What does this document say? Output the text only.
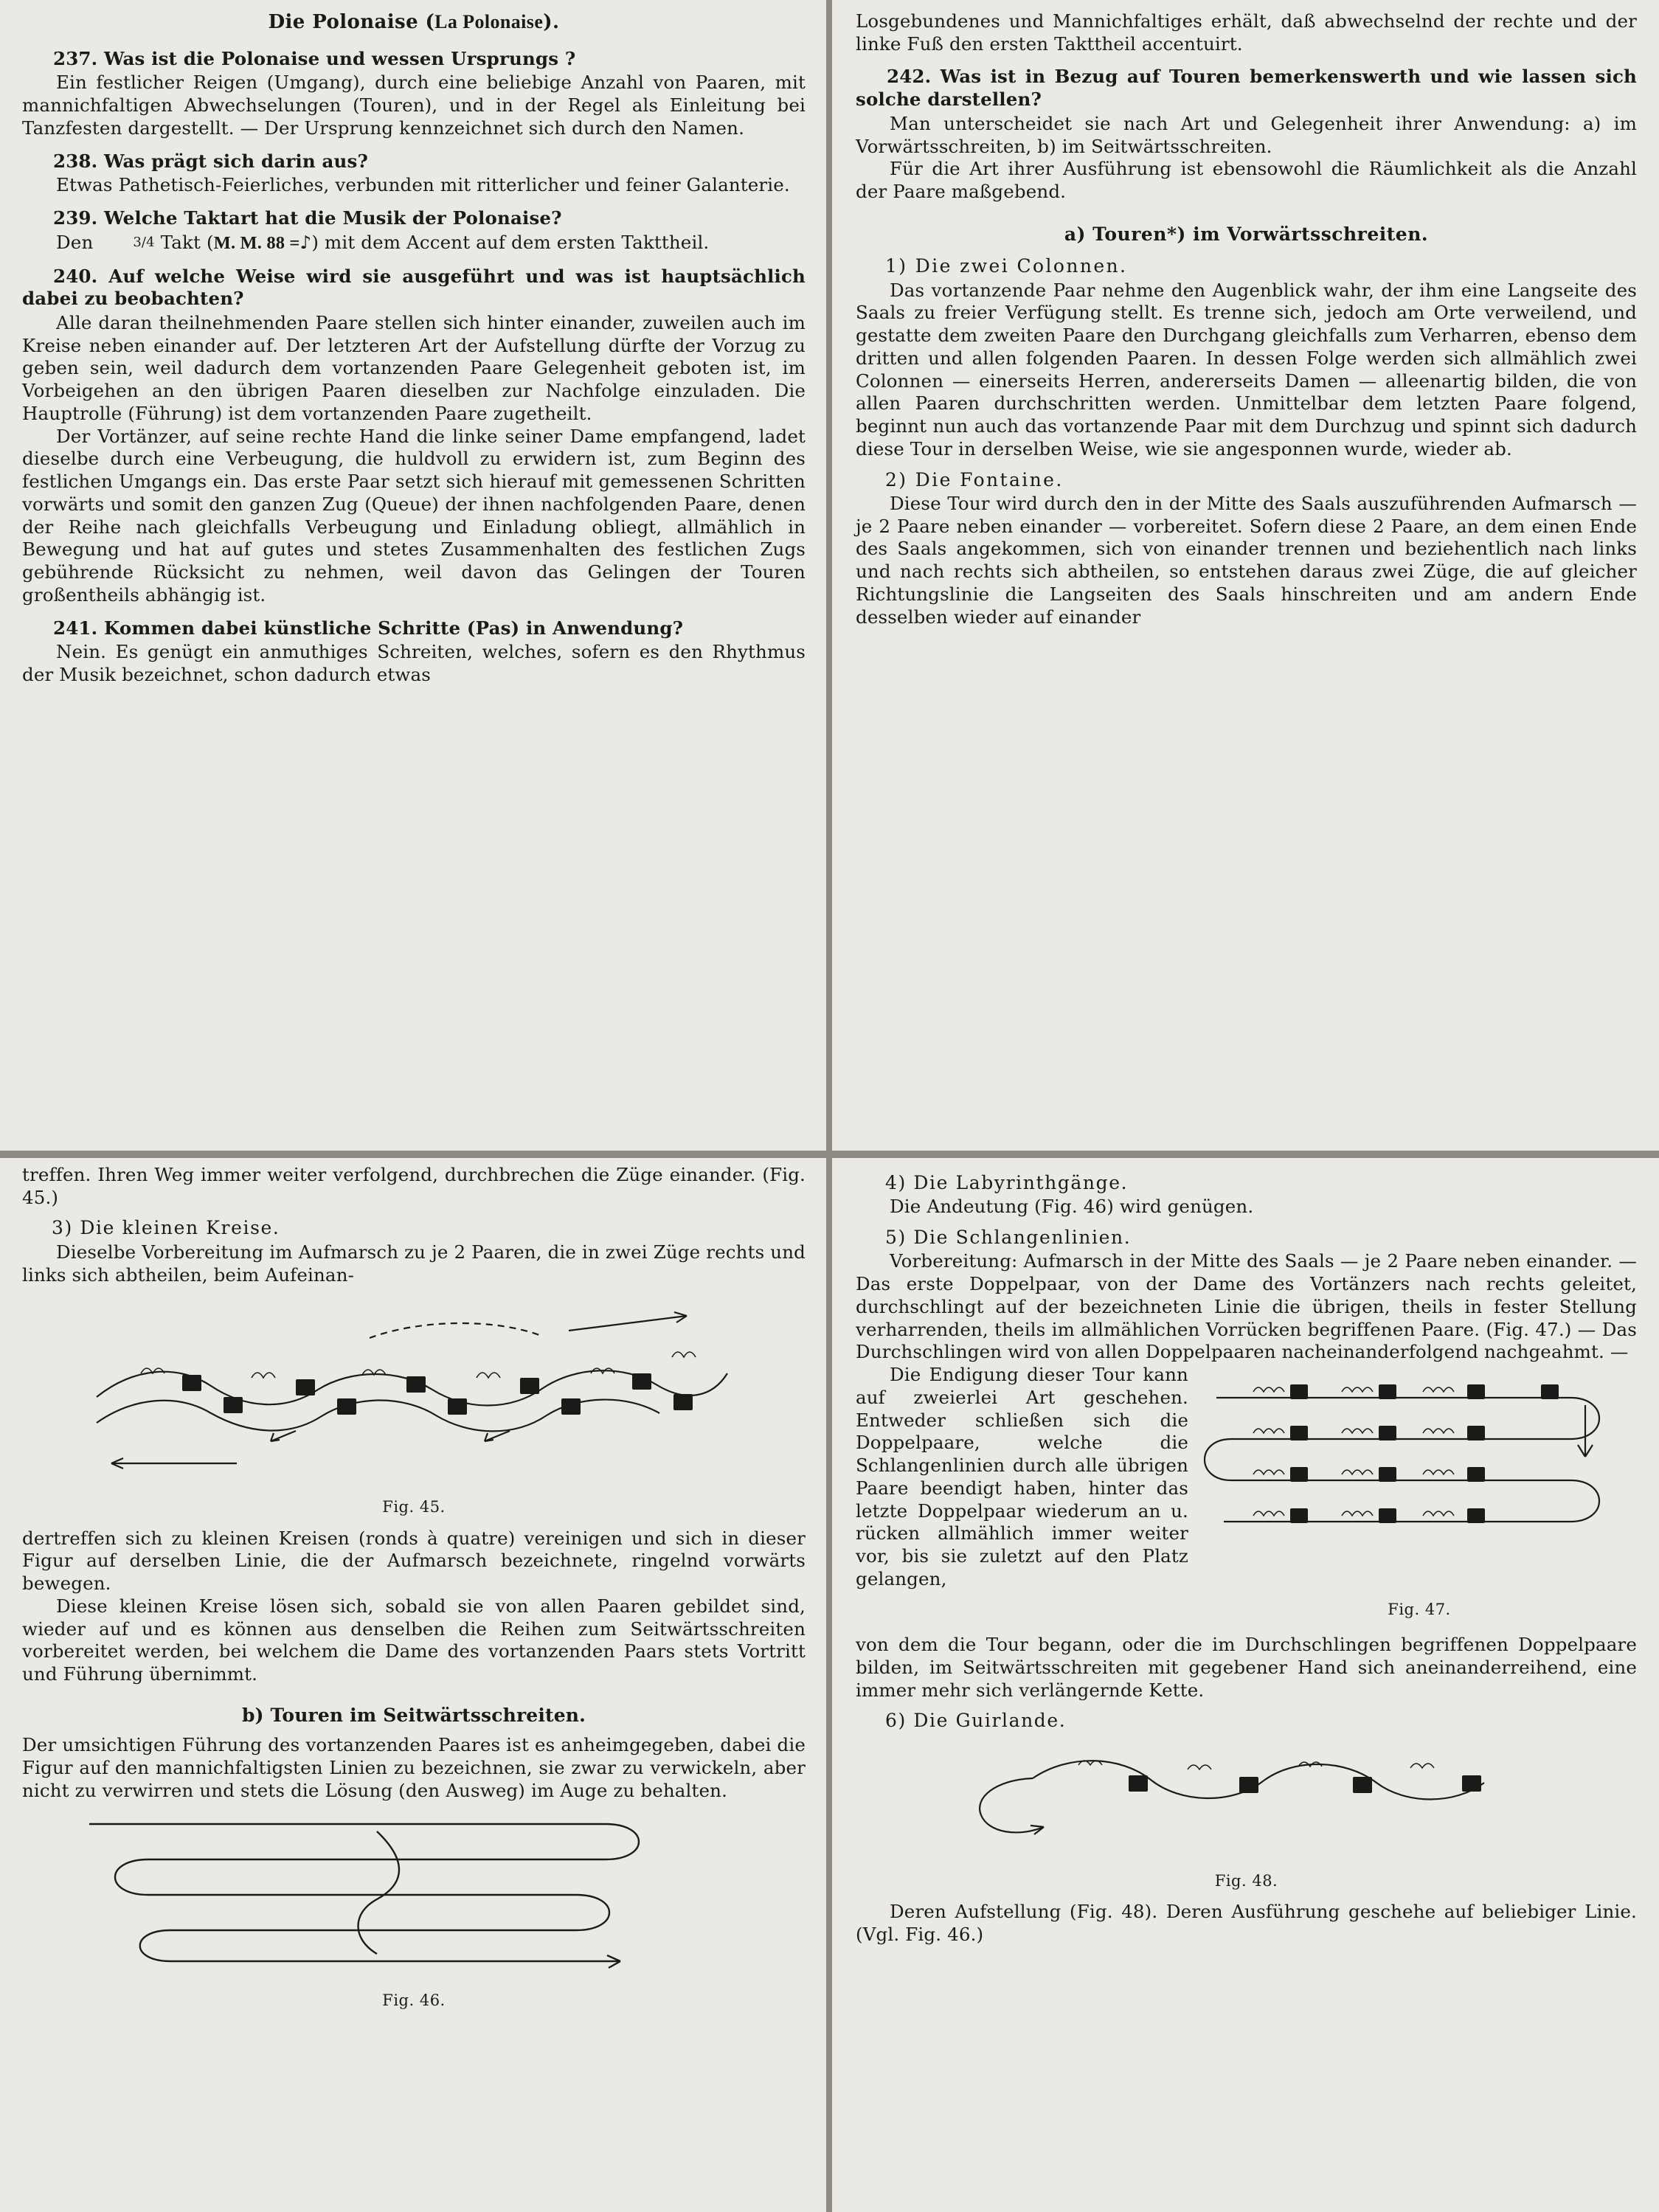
Die Polonaise (La Polonaise).
237. Was ist die Polonaise und wessen Ursprungs ?

Ein festlicher Reigen (Umgang), durch eine beliebige Anzahl von Paaren, mit mannichfaltigen Abwechselungen (Touren), und in der Regel als Einleitung bei Tanzfesten dargestellt. — Der Ursprung kennzeichnet sich durch den Namen.

238. Was prägt sich darin aus?

Etwas Pathetisch-Feierliches, verbunden mit ritterlicher und feiner Galanterie.

239. Welche Taktart hat die Musik der Polonaise?

Den	3/4 Takt (M. M. 88 =♪) mit dem Accent auf dem ersten Takttheil.

240. Auf welche Weise wird sie ausgeführt und was ist hauptsächlich dabei zu beobachten?

Alle daran theilnehmenden Paare stellen sich hinter einander, zuweilen auch im Kreise neben einander auf. Der letzteren Art der Aufstellung dürfte der Vorzug zu geben sein, weil dadurch dem vortanzenden Paare Gelegenheit geboten ist, im Vorbeigehen an den übrigen Paaren dieselben zur Nachfolge einzuladen. Die Hauptrolle (Führung) ist dem vortanzenden Paare zugetheilt.

Der Vortänzer, auf seine rechte Hand die linke seiner Dame empfangend, ladet dieselbe durch eine Verbeugung, die huldvoll zu erwidern ist, zum Beginn des festlichen Umgangs ein. Das erste Paar setzt sich hierauf mit gemessenen Schritten vorwärts und somit den ganzen Zug (Queue) der ihnen nachfolgenden Paare, denen der Reihe nach gleichfalls Verbeugung und Einladung obliegt, allmählich in Bewegung und hat auf gutes und stetes Zusammenhalten des festlichen Zugs gebührende Rücksicht zu nehmen, weil davon das Gelingen der Touren großentheils abhängig ist.

241. Kommen dabei künstliche Schritte (Pas) in Anwendung?

Nein. Es genügt ein anmuthiges Schreiten, welches, sofern es den Rhythmus der Musik bezeichnet, schon dadurch etwas

Losgebundenes und Mannichfaltiges erhält, daß abwechselnd der rechte und der linke Fuß den ersten Takttheil accentuirt.

242. Was ist in Bezug auf Touren bemerkenswerth und wie lassen sich solche darstellen?

Man unterscheidet sie nach Art und Gelegenheit ihrer Anwendung: a) im Vorwärtsschreiten, b) im Seitwärtsschreiten.

Für die Art ihrer Ausführung ist ebensowohl die Räumlichkeit als die Anzahl der Paare maßgebend.

a) Touren*) im Vorwärtsschreiten.
1) Die zwei Colonnen.

Das vortanzende Paar nehme den Augenblick wahr, der ihm eine Langseite des Saals zu freier Verfügung stellt. Es trenne sich, jedoch am Orte verweilend, und gestatte dem zweiten Paare den Durchgang gleichfalls zum Verharren, ebenso dem dritten und allen folgenden Paaren. In dessen Folge werden sich allmählich zwei Colonnen — einerseits Herren, andererseits Damen — alleenartig bilden, die von allen Paaren durchschritten werden. Unmittelbar dem letzten Paare folgend, beginnt nun auch das vortanzende Paar mit dem Durchzug und spinnt sich dadurch diese Tour in derselben Weise, wie sie angesponnen wurde, wieder ab.

2) Die Fontaine.

Diese Tour wird durch den in der Mitte des Saals auszuführenden Aufmarsch — je 2 Paare neben einander — vorbereitet. Sofern diese 2 Paare, an dem einen Ende des Saals angekommen, sich von einander trennen und beziehentlich nach links und nach rechts sich abtheilen, so entstehen daraus zwei Züge, die auf gleicher Richtungslinie die Langseiten des Saals hinschreiten und am andern Ende desselben wieder auf einander

treffen. Ihren Weg immer weiter verfolgend, durchbrechen die Züge einander. (Fig. 45.)

3) Die kleinen Kreise.

Dieselbe Vorbereitung im Aufmarsch zu je 2 Paaren, die in zwei Züge rechts und links sich abtheilen, beim Aufeinan-

Fig. 45.

dertreffen sich zu kleinen Kreisen (ronds à quatre) vereinigen und sich in dieser Figur auf derselben Linie, die der Aufmarsch bezeichnete, ringelnd vorwärts bewegen.

Diese kleinen Kreise lösen sich, sobald sie von allen Paaren gebildet sind, wieder auf und es können aus denselben die Reihen zum Seitwärtsschreiten vorbereitet werden, bei welchem die Dame des vortanzenden Paars stets Vortritt und Führung übernimmt.

b) Touren im Seitwärtsschreiten.

Der umsichtigen Führung des vortanzenden Paares ist es anheimgegeben, dabei die Figur auf den mannichfaltigsten Linien zu bezeichnen, sie zwar zu verwickeln, aber nicht zu verwirren und stets die Lösung (den Ausweg) im Auge zu behalten.

Fig. 46.
4) Die Labyrinthgänge.

Die Andeutung (Fig. 46) wird genügen.

5) Die Schlangenlinien.

Vorbereitung: Aufmarsch in der Mitte des Saals — je 2 Paare neben einander. — Das erste Doppelpaar, von der Dame des Vortänzers nach rechts geleitet, durchschlingt auf der bezeichneten Linie die übrigen, theils in fester Stellung verharrenden, theils im allmählichen Vorrücken begriffenen Paare. (Fig. 47.) — Das Durchschlingen wird von allen Doppelpaaren nacheinanderfolgend nachgeahmt. —

Fig. 47.

Die Endigung dieser Tour kann auf zweierlei Art geschehen. Entweder schließen sich die Doppelpaare, welche die Schlangenlinien durch alle übrigen Paare beendigt haben, hinter das letzte Doppelpaar wiederum an u. rücken allmählich immer weiter vor, bis sie zuletzt auf den Platz gelangen,

von dem die Tour begann, oder die im Durchschlingen begriffenen Doppelpaare bilden, im Seitwärtsschreiten mit gegebener Hand sich aneinanderreihend, eine immer mehr sich verlängernde Kette.

6) Die Guirlande.
Fig. 48.

Deren Aufstellung (Fig. 48). Deren Ausführung geschehe auf beliebiger Linie. (Vgl. Fig. 46.)
